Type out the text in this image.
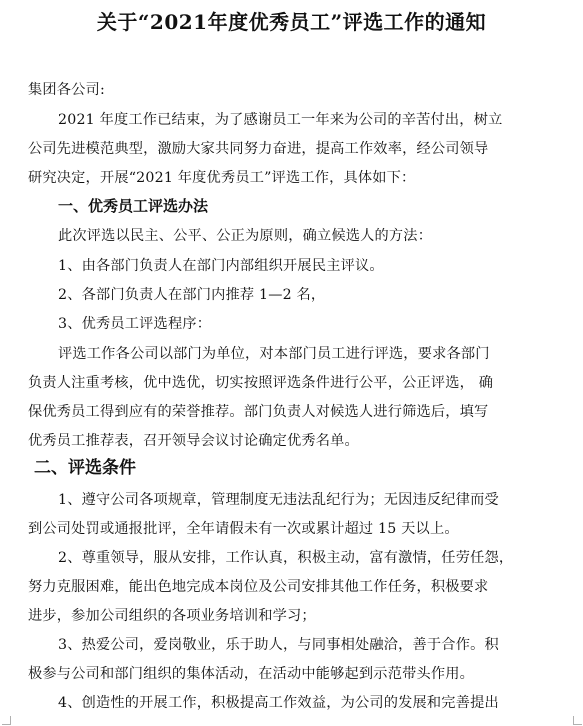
关于“2021年度优秀员工”评选工作的通知
集团各公司:
2021 年度工作已结束，为了感谢员工一年来为公司的辛苦付出，树立
公司先进模范典型，激励大家共同努力奋进，提高工作效率，经公司领导
研究决定，开展“2021 年度优秀员工”评选工作，具体如下：
一、优秀员工评选办法
此次评选以民主、公平、公正为原则，确立候选人的方法：
1、由各部门负责人在部门内部组织开展民主评议。
2、各部门负责人在部门内推荐 1—2 名，
3、优秀员工评选程序：
评选工作各公司以部门为单位，对本部门员工进行评选，要求各部门
负责人注重考核，优中选优，切实按照评选条件进行公平，公正评选， 确
保优秀员工得到应有的荣誉推荐。部门负责人对候选人进行筛选后，填写
优秀员工推荐表，召开领导会议讨论确定优秀名单。
二、评选条件
1、遵守公司各项规章，管理制度无违法乱纪行为；无因违反纪律而受
到公司处罚或通报批评，全年请假未有一次或累计超过 15 天以上。
2、尊重领导，服从安排，工作认真，积极主动，富有激情，任劳任怨，
努力克服困难，能出色地完成本岗位及公司安排其他工作任务，积极要求
进步，参加公司组织的各项业务培训和学习；
3、热爱公司，爱岗敬业，乐于助人，与同事相处融洽，善于合作。积
极参与公司和部门组织的集体活动，在活动中能够起到示范带头作用。
4、创造性的开展工作，积极提高工作效益，为公司的发展和完善提出
